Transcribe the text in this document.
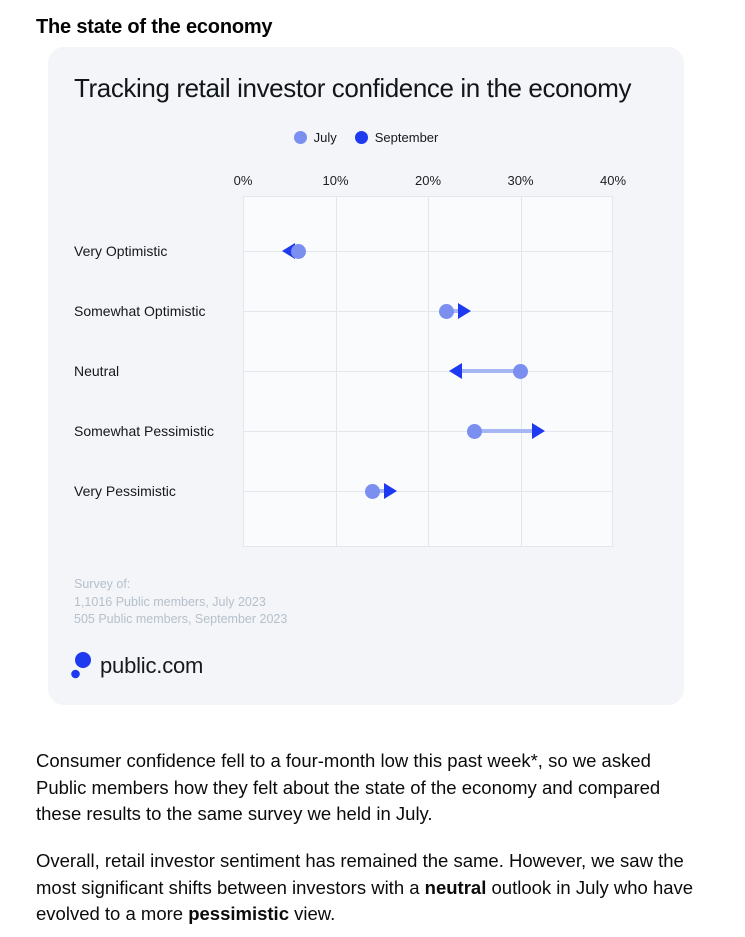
The state of the economy
Tracking retail investor confidence in the economy
July	September
0%	10%	20%	30%	40%
Very Optimistic
Somewhat Optimistic
Neutral
Somewhat Pessimistic
Very Pessimistic
Survey of:
1,1016 Public members, July 2023
505 Public members, September 2023
public.com

Consumer confidence fell to a four-month low this past week*, so we asked Public members how they felt about the state of the economy and compared these results to the same survey we held in July.

Overall, retail investor sentiment has remained the same. However, we saw the most significant shifts between investors with a neutral outlook in July who have evolved to a more pessimistic view.
